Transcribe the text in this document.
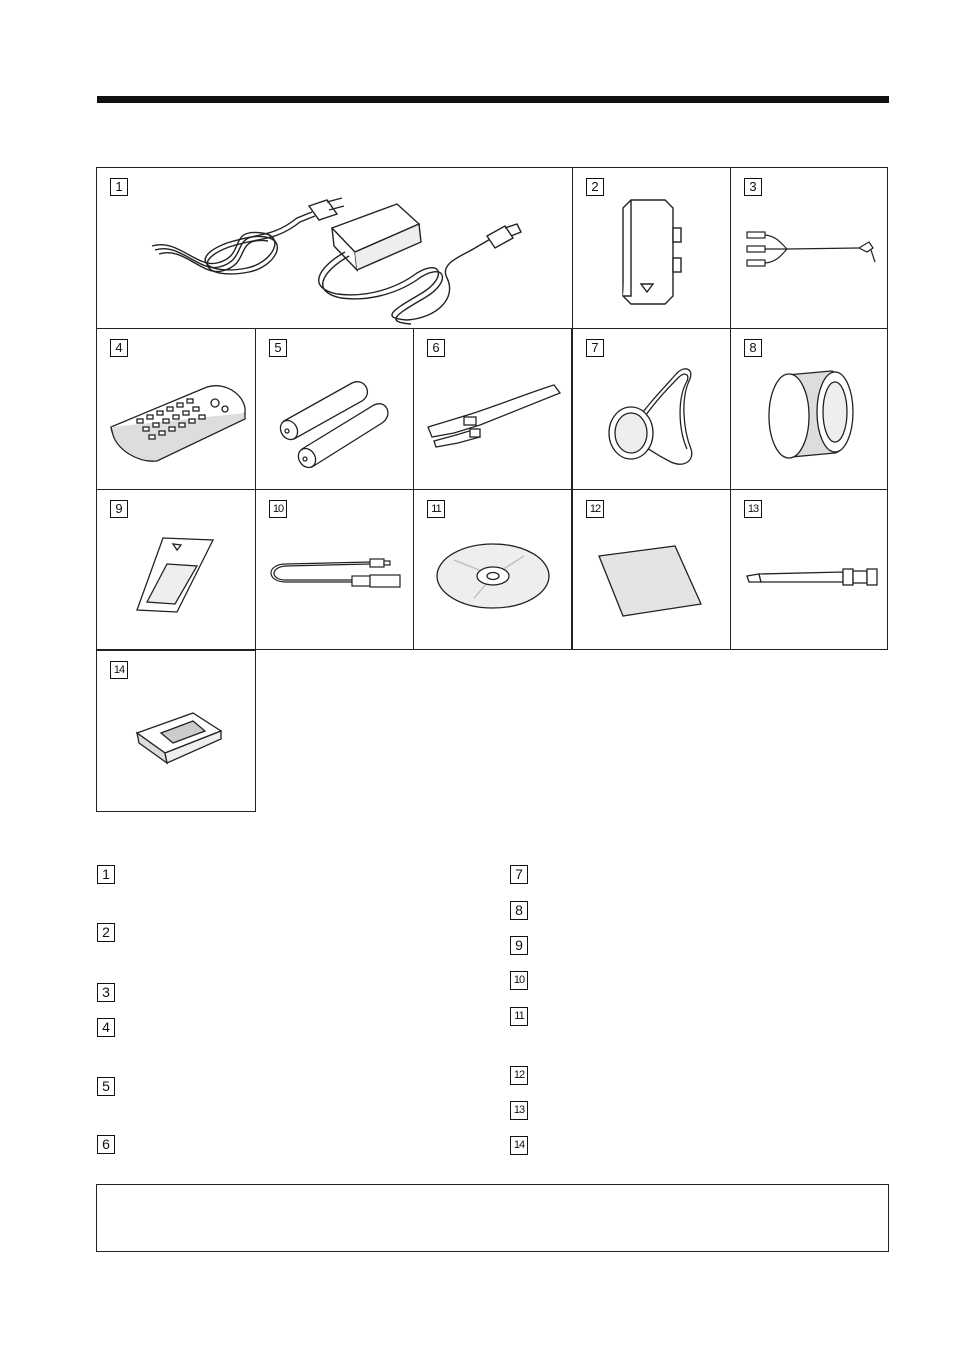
1	2	3
4	5	6	7	8
9	10	11	12	13
14
1
2
3
4
5
6
7
8
9
10
11
12
13
14
